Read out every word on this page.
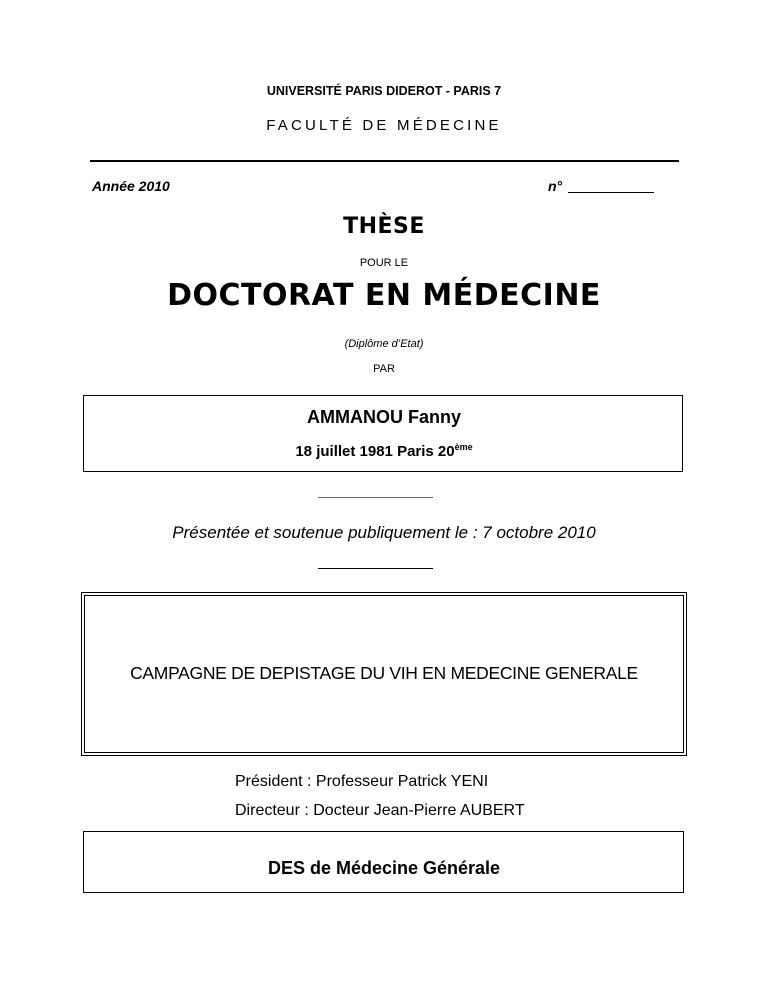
UNIVERSITÉ PARIS DIDEROT - PARIS 7
FACULTÉ DE MÉDECINE
Année 2010	n°
THÈSE
POUR LE
DOCTORAT EN MÉDECINE
(Diplôme d’Etat)
PAR
AMMANOU Fanny
18 juillet 1981 Paris 20ème
Présentée et soutenue publiquement le : 7 octobre 2010
CAMPAGNE DE DEPISTAGE DU VIH EN MEDECINE GENERALE
Président : Professeur Patrick YENI
Directeur : Docteur Jean-Pierre AUBERT
DES de Médecine Générale
